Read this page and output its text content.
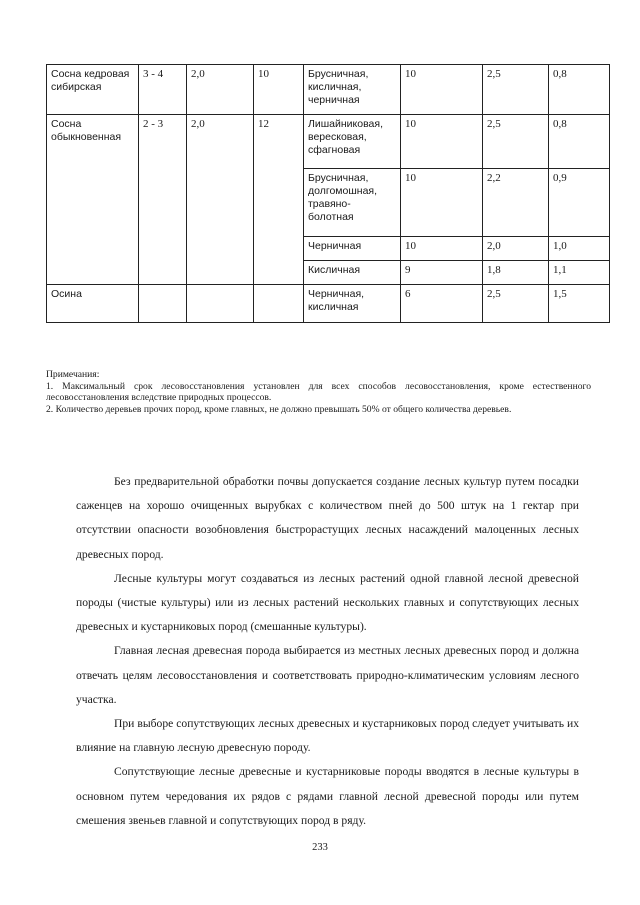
Сосна кедровая сибирская	3 - 4	2,0	10	Брусничная, кисличная, черничная	10	2,5	0,8
Сосна обыкновенная	2 - 3	2,0	12	Лишайниковая, вересковая, сфагновая	10	2,5	0,8
				Брусничная, долгомошная, травяно-болотная	10	2,2	0,9
				Черничная	10	2,0	1,0
				Кисличная	9	1,8	1,1
Осина				Черничная, кисличная	6	2,5	1,5

Примечания:

1. Максимальный срок лесовосстановления установлен для всех способов лесовосстановления, кроме естественного лесовосстановления вследствие природных процессов.

2. Количество деревьев прочих пород, кроме главных, не должно превышать 50% от общего количества деревьев.

Без предварительной обработки почвы допускается создание лесных культур путем посадки саженцев на хорошо очищенных вырубках с количеством пней до 500 штук на 1 гектар при отсутствии опасности возобновления быстрорастущих лесных насаждений малоценных лесных древесных пород.

Лесные культуры могут создаваться из лесных растений одной главной лесной древесной породы (чистые культуры) или из лесных растений нескольких главных и сопутствующих лесных древесных и кустарниковых пород (смешанные культуры).

Главная лесная древесная порода выбирается из местных лесных древесных пород и должна отвечать целям лесовосстановления и соответствовать природно-климатическим условиям лесного участка.

При выборе сопутствующих лесных древесных и кустарниковых пород следует учитывать их влияние на главную лесную древесную породу.

Сопутствующие лесные древесные и кустарниковые породы вводятся в лесные культуры в основном путем чередования их рядов с рядами главной лесной древесной породы или путем смешения звеньев главной и сопутствующих пород в ряду.

233
